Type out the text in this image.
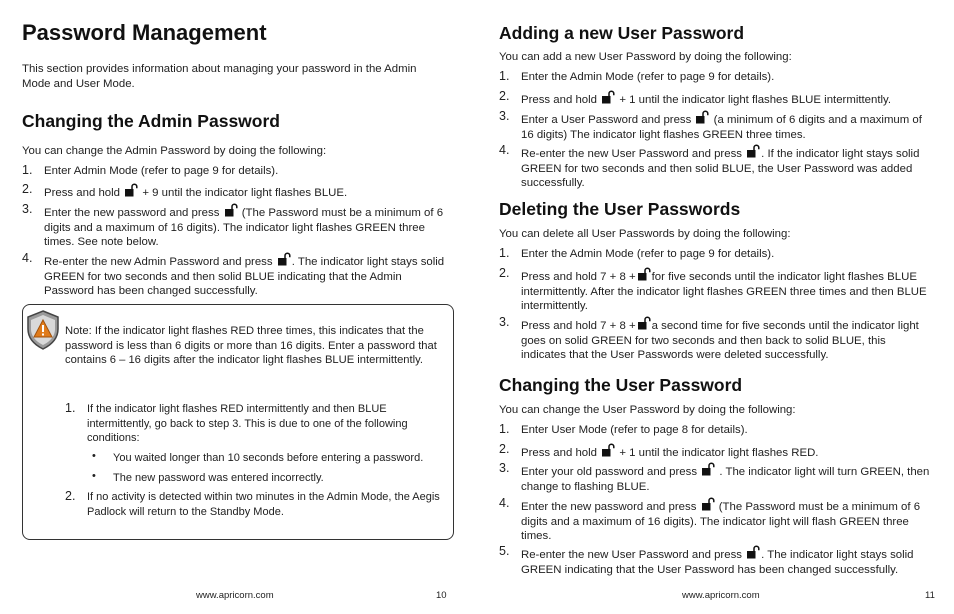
Password Management

This section provides information about managing your password in the Admin Mode and User Mode.

Changing the Admin Password

You can change the Admin Password by doing the following:

1. Enter Admin Mode (refer to page 9 for details).

2. Press and hold + 9 until the indicator light flashes BLUE.

3. Enter the new password and press (The Password must be a minimum of 6 digits and a maximum of 16 digits). The indicator light flashes GREEN three times. See note below.

4. Re-enter the new Admin Password and press . The indicator light stays solid GREEN for two seconds and then solid BLUE indicating that the Admin Password has been changed successfully.

Note: If the indicator light flashes RED three times, this indicates that the password is less than 6 digits or more than 16 digits. Enter a password that contains 6 – 16 digits after the indicator light flashes BLUE intermittently.

1. If the indicator light flashes RED intermittently and then BLUE intermittently, go back to step 3. This is due to one of the following conditions:

• You waited longer than 10 seconds before entering a password.

• The new password was entered incorrectly.

2. If no activity is detected within two minutes in the Admin Mode, the Aegis Padlock will return to the Standby Mode.

www.apricorn.com	10
Adding a new User Password

You can add a new User Password by doing the following:

1. Enter the Admin Mode (refer to page 9 for details).

2. Press and hold + 1 until the indicator light flashes BLUE intermittently.

3. Enter a User Password and press (a minimum of 6 digits and a maximum of 16 digits) The indicator light flashes GREEN three times.

4. Re-enter the new User Password and press . If the indicator light stays solid GREEN for two seconds and then solid BLUE, the User Password was added successfully.

Deleting the User Passwords

You can delete all User Passwords by doing the following:

1. Enter the Admin Mode (refer to page 9 for details).

2. Press and hold 7 + 8 + for five seconds until the indicator light flashes BLUE intermittently. After the indicator light flashes GREEN three times and then BLUE intermittently.

3. Press and hold 7 + 8 + a second time for five seconds until the indicator light goes on solid GREEN for two seconds and then back to solid BLUE, this indicates that the User Passwords were deleted successfully.

Changing the User Password

You can change the User Password by doing the following:

1. Enter User Mode (refer to page 8 for details).

2. Press and hold + 1 until the indicator light flashes RED.

3. Enter your old password and press . The indicator light will turn GREEN, then change to flashing BLUE.

4. Enter the new password and press (The Password must be a minimum of 6 digits and a maximum of 16 digits). The indicator light will flash GREEN three times.

5. Re-enter the new User Password and press . The indicator light stays solid GREEN indicating that the User Password has been changed successfully.

www.apricorn.com	11
